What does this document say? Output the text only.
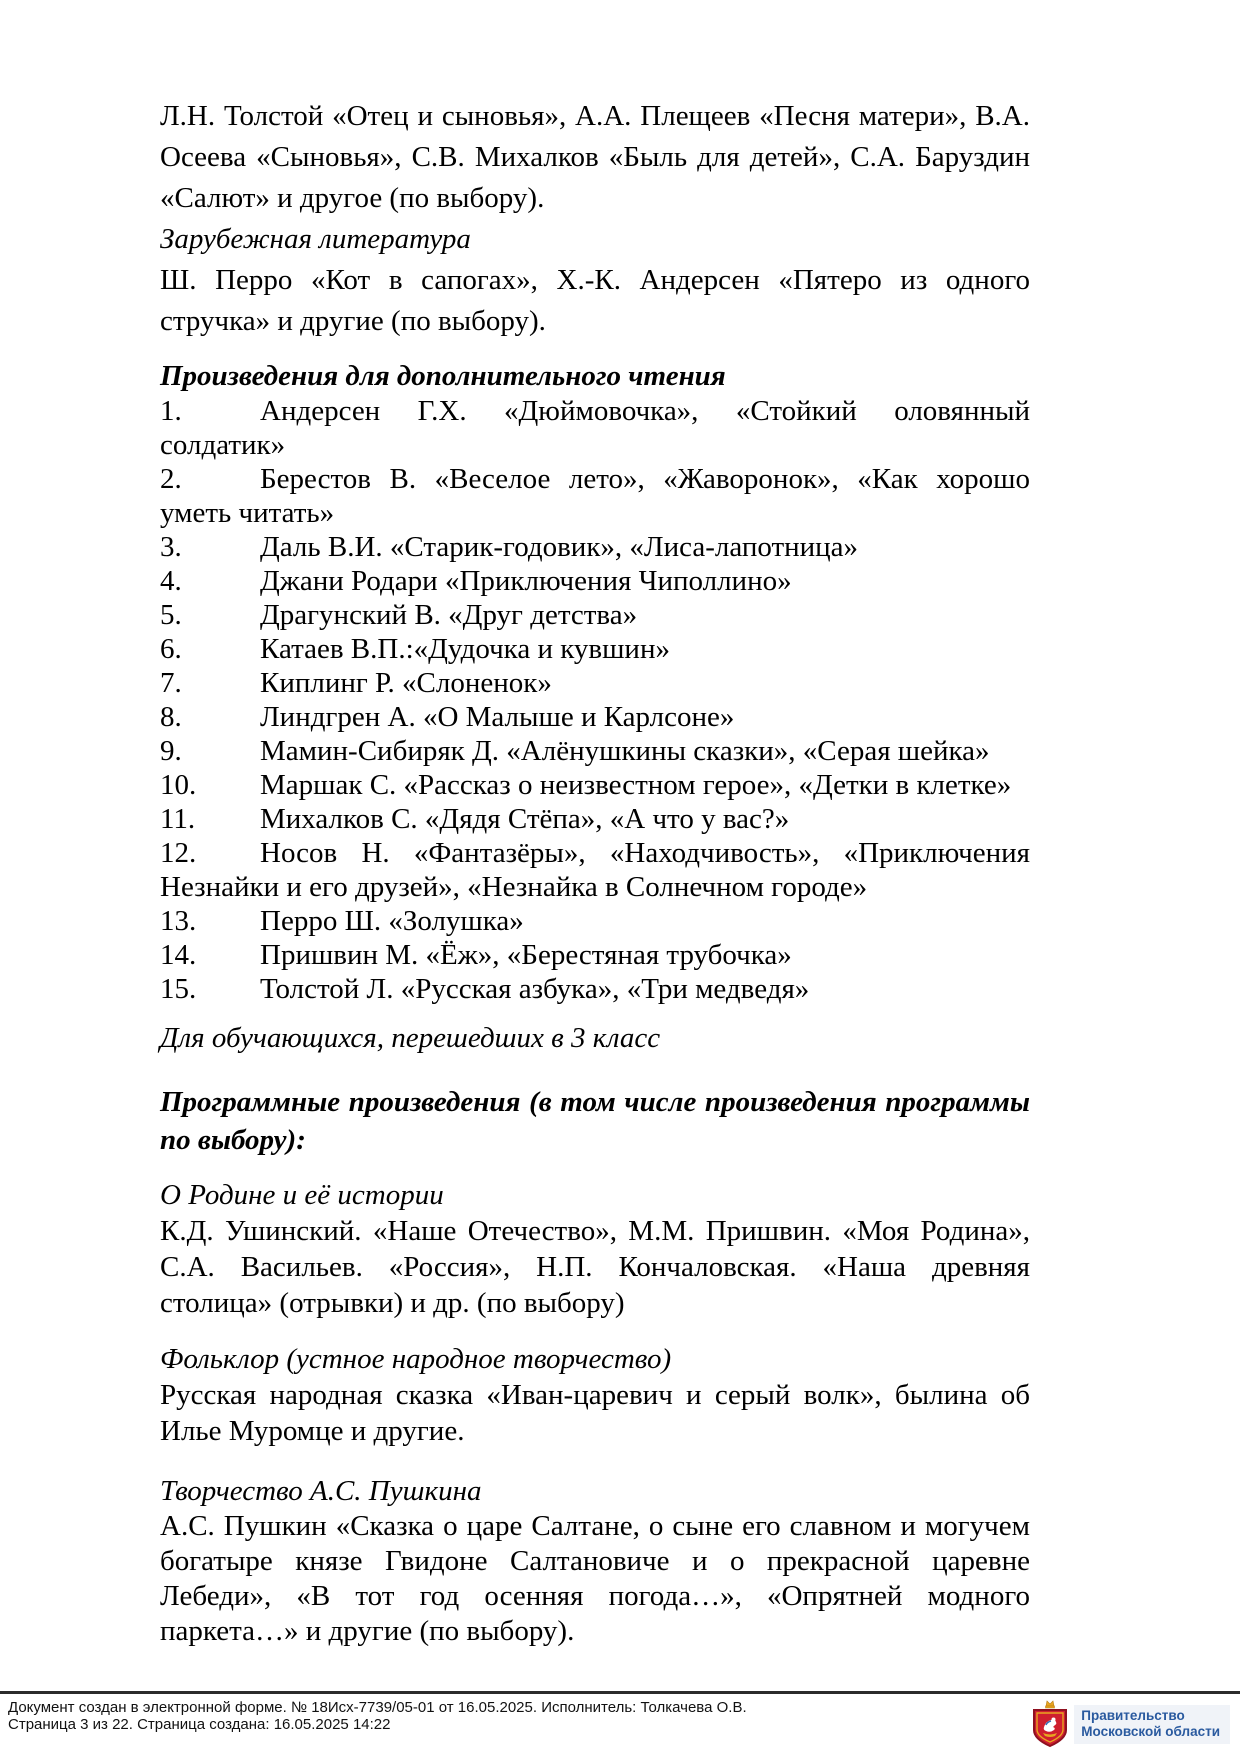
Л.Н. Толстой «Отец и сыновья», А.А. Плещеев «Песня матери», В.А. Осеева «Сыновья», С.В. Михалков «Быль для детей», С.А. Баруздин «Салют» и другое (по выбору).
Зарубежная литература
Ш. Перро «Кот в сапогах», Х.-К. Андерсен «Пятеро из одного стручка» и другие (по выбору).
Произведения для дополнительного чтения
1.	Андерсен Г.Х. «Дюймовочка», «Стойкий оловянный солдатик»
2.	Берестов В. «Веселое лето», «Жаворонок», «Как хорошо уметь читать»
3.	Даль В.И. «Старик-годовик», «Лиса-лапотница»
4.	Джани Родари «Приключения Чиполлино»
5.	Драгунский В. «Друг детства»
6.	Катаев В.П.:«Дудочка и кувшин»
7.	Киплинг Р. «Слоненок»
8.	Линдгрен А. «О Малыше и Карлсоне»
9.	Мамин-Сибиряк Д. «Алёнушкины сказки», «Серая шейка»
10. Маршак С. «Рассказ о неизвестном герое», «Детки в клетке»
11. Михалков С. «Дядя Стёпа», «А что у вас?»
12. Носов Н. «Фантазёры», «Находчивость», «Приключения Незнайки и его друзей», «Незнайка в Солнечном городе»
13. Перро Ш. «Золушка»
14. Пришвин М. «Ёж», «Берестяная трубочка»
15. Толстой Л. «Русская азбука», «Три медведя»
Для обучающихся, перешедших в 3 класс
Программные произведения (в том числе произведения программы по выбору):
О Родине и её истории
К.Д. Ушинский. «Наше Отечество», М.М. Пришвин. «Моя Родина», С.А. Васильев. «Россия», Н.П. Кончаловская. «Наша древняя столица» (отрывки) и др. (по выбору)
Фольклор (устное народное творчество)
Русская народная сказка «Иван-царевич и серый волк», былина об Илье Муромце и другие.
Творчество А.С. Пушкина
А.С. Пушкин «Сказка о царе Салтане, о сыне его славном и могучем богатыре князе Гвидоне Салтановиче и о прекрасной царевне Лебеди», «В тот год осенняя погода…», «Опрятней модного паркета…» и другие (по выбору).
Документ создан в электронной форме. № 18Исх-7739/05-01 от 16.05.2025. Исполнитель: Толкачева О.В.
Страница 3 из 22. Страница создана: 16.05.2025 14:22
Правительство
Московской области
